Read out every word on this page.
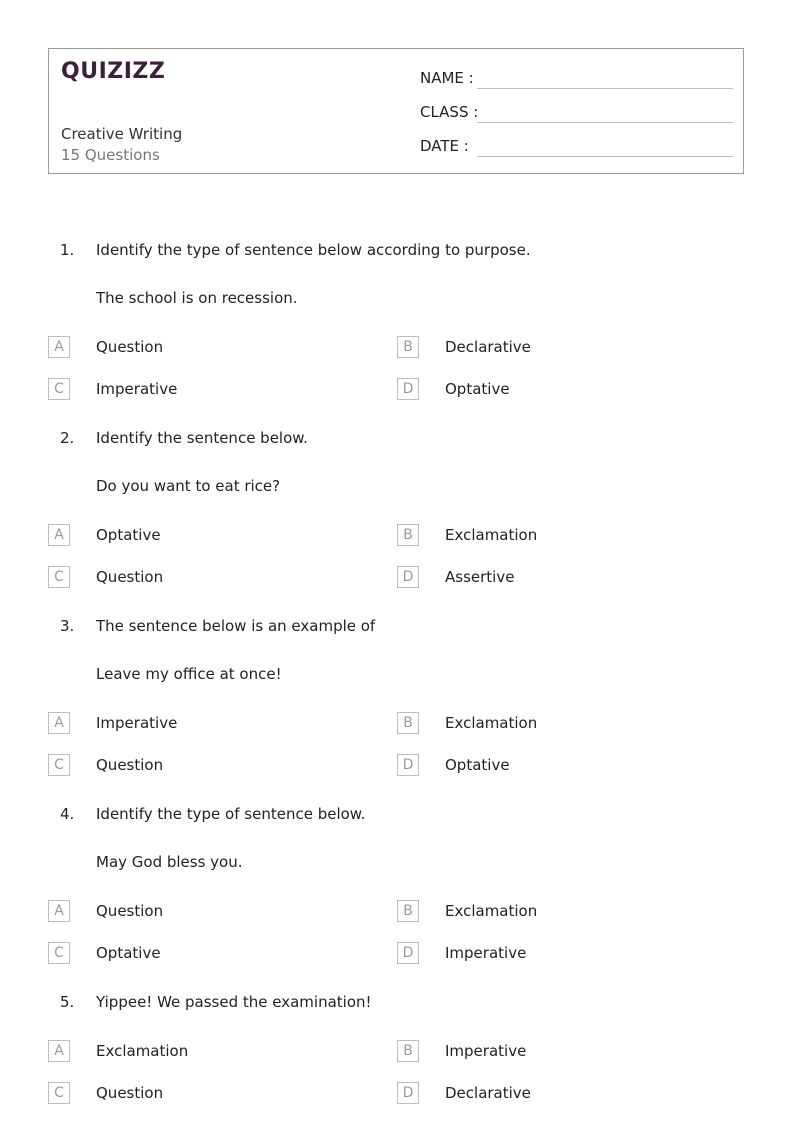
QUIZIZZ
Creative Writing
15 Questions
NAME :
CLASS :
DATE :
1. Identify the type of sentence below according to purpose.
The school is on recession.
A	Question	B	Declarative
C	Imperative	D	Optative
2. Identify the sentence below.
Do you want to eat rice?
A	Optative	B	Exclamation
C	Question	D	Assertive
3. The sentence below is an example of
Leave my office at once!
A	Imperative	B	Exclamation
C	Question	D	Optative
4. Identify the type of sentence below.
May God bless you.
A	Question	B	Exclamation
C	Optative	D	Imperative
5. Yippee! We passed the examination!
A	Exclamation	B	Imperative
C	Question	D	Declarative
